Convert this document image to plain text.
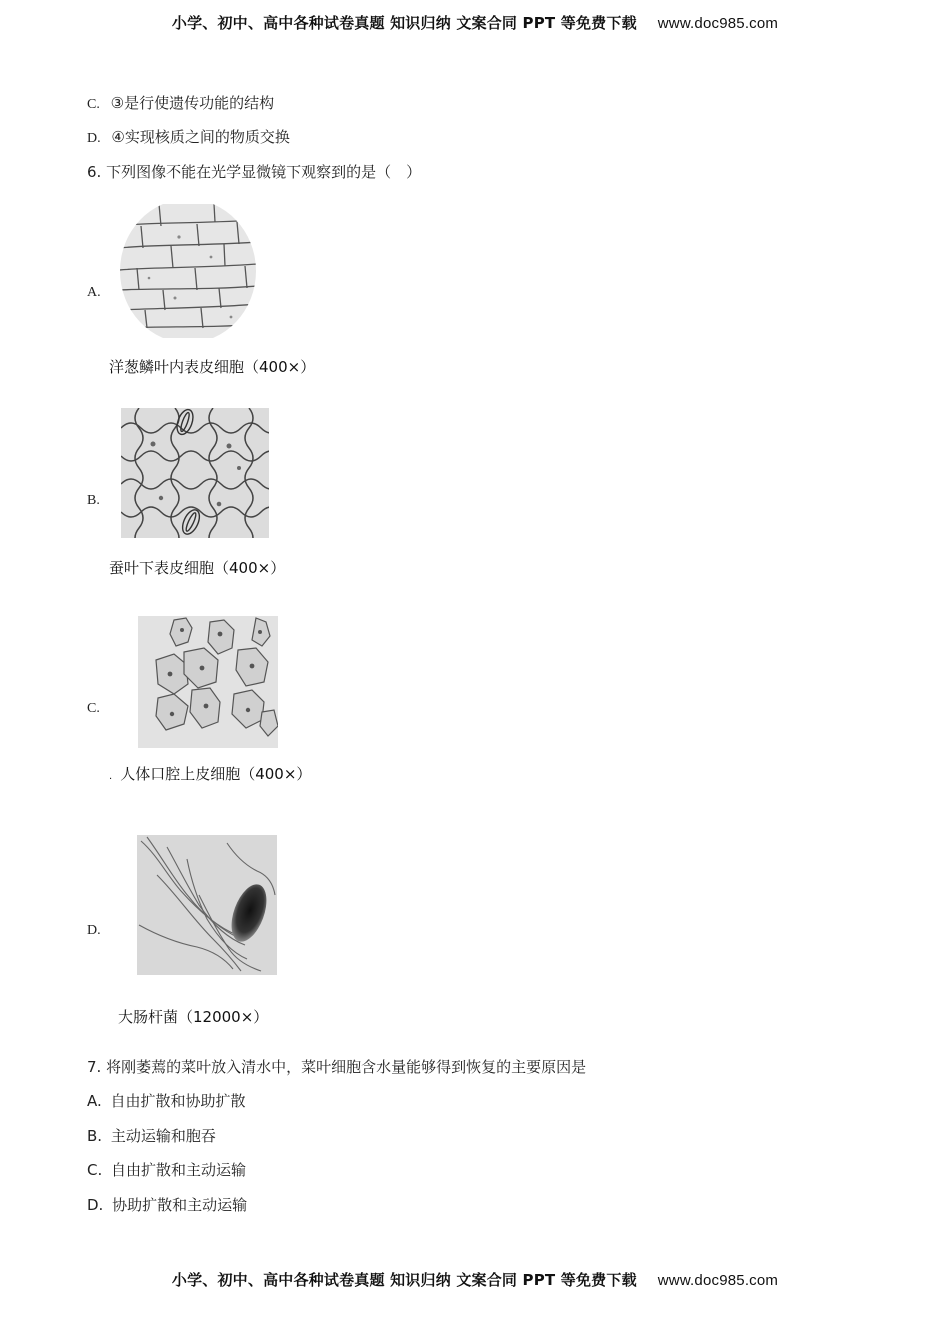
小学、初中、高中各种试卷真题 知识归纳 文案合同 PPT 等免费下载 www.doc985.com
C. ③是行使遗传功能的结构
D. ④实现核质之间的物质交换
6. 下列图像不能在光学显微镜下观察到的是（　）
A.
洋葱鳞叶内表皮细胞（400×）
B.
蚕叶下表皮细胞（400×）
C.
. 人体口腔上皮细胞（400×）
D.
大肠杆菌（12000×）
7. 将刚萎蔫的菜叶放入清水中，菜叶细胞含水量能够得到恢复的主要原因是
A. 自由扩散和协助扩散
B. 主动运输和胞吞
C. 自由扩散和主动运输
D. 协助扩散和主动运输
小学、初中、高中各种试卷真题 知识归纳 文案合同 PPT 等免费下载 www.doc985.com
